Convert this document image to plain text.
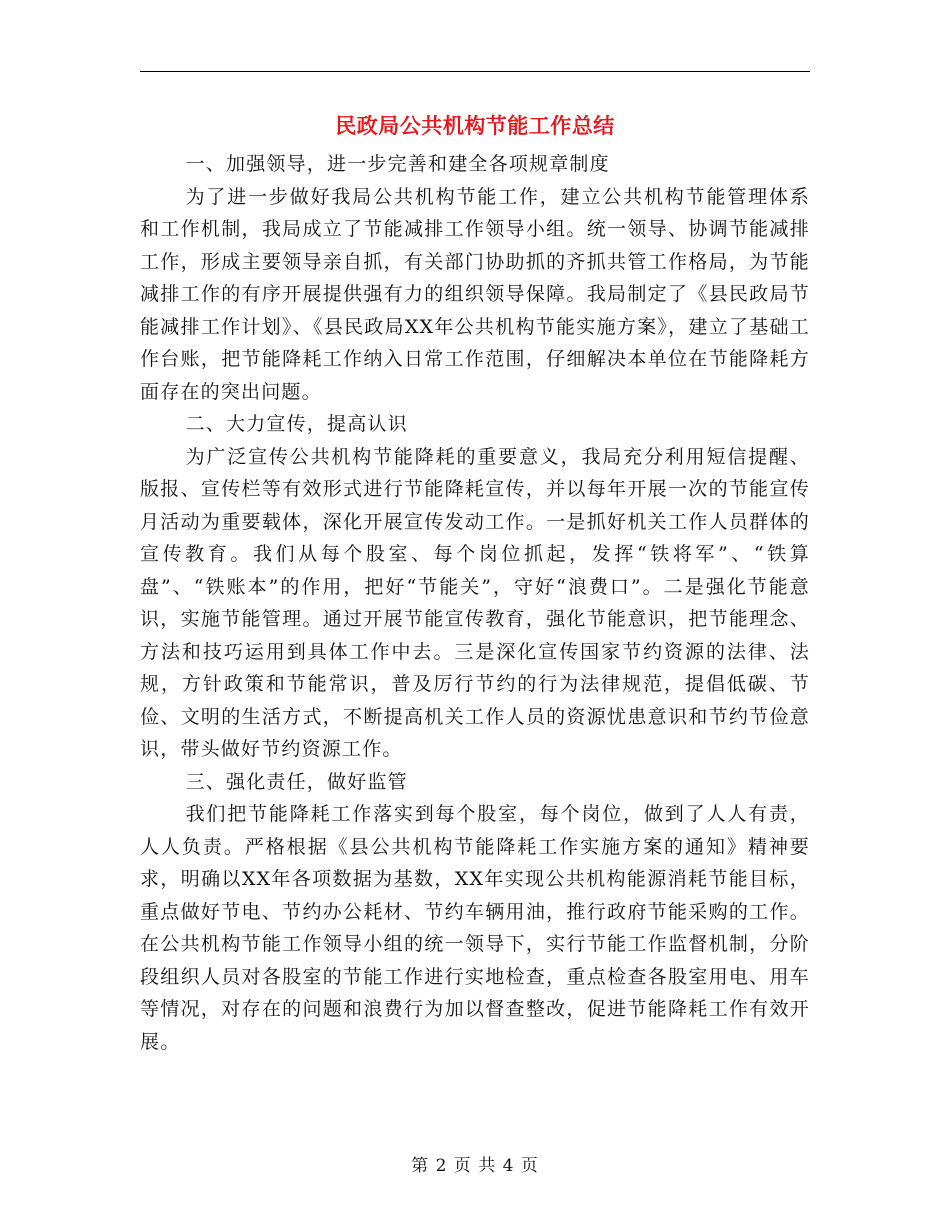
民政局公共机构节能工作总结

一、加强领导，进一步完善和建全各项规章制度

为了进一步做好我局公共机构节能工作，建立公共机构节能管理体系和工作机制，我局成立了节能减排工作领导小组。统一领导、协调节能减排工作，形成主要领导亲自抓，有关部门协助抓的齐抓共管工作格局，为节能减排工作的有序开展提供强有力的组织领导保障。我局制定了《县民政局节能减排工作计划》、《县民政局XX年公共机构节能实施方案》，建立了基础工作台账，把节能降耗工作纳入日常工作范围，仔细解决本单位在节能降耗方面存在的突出问题。

二、大力宣传，提高认识

为广泛宣传公共机构节能降耗的重要意义，我局充分利用短信提醒、版报、宣传栏等有效形式进行节能降耗宣传，并以每年开展一次的节能宣传月活动为重要载体，深化开展宣传发动工作。一是抓好机关工作人员群体的宣传教育。我们从每个股室、每个岗位抓起，发挥“铁将军”、“铁算盘”、“铁账本”的作用，把好“节能关”，守好“浪费口”。二是强化节能意识，实施节能管理。通过开展节能宣传教育，强化节能意识，把节能理念、方法和技巧运用到具体工作中去。三是深化宣传国家节约资源的法律、法规，方针政策和节能常识，普及厉行节约的行为法律规范，提倡低碳、节俭、文明的生活方式，不断提高机关工作人员的资源忧患意识和节约节俭意识，带头做好节约资源工作。

三、强化责任，做好监管

我们把节能降耗工作落实到每个股室，每个岗位，做到了人人有责，人人负责。严格根据《县公共机构节能降耗工作实施方案的通知》精神要求，明确以XX年各项数据为基数，XX年实现公共机构能源消耗节能目标，重点做好节电、节约办公耗材、节约车辆用油，推行政府节能采购的工作。在公共机构节能工作领导小组的统一领导下，实行节能工作监督机制，分阶段组织人员对各股室的节能工作进行实地检查，重点检查各股室用电、用车等情况，对存在的问题和浪费行为加以督查整改，促进节能降耗工作有效开展。

第 2 页 共 4 页
